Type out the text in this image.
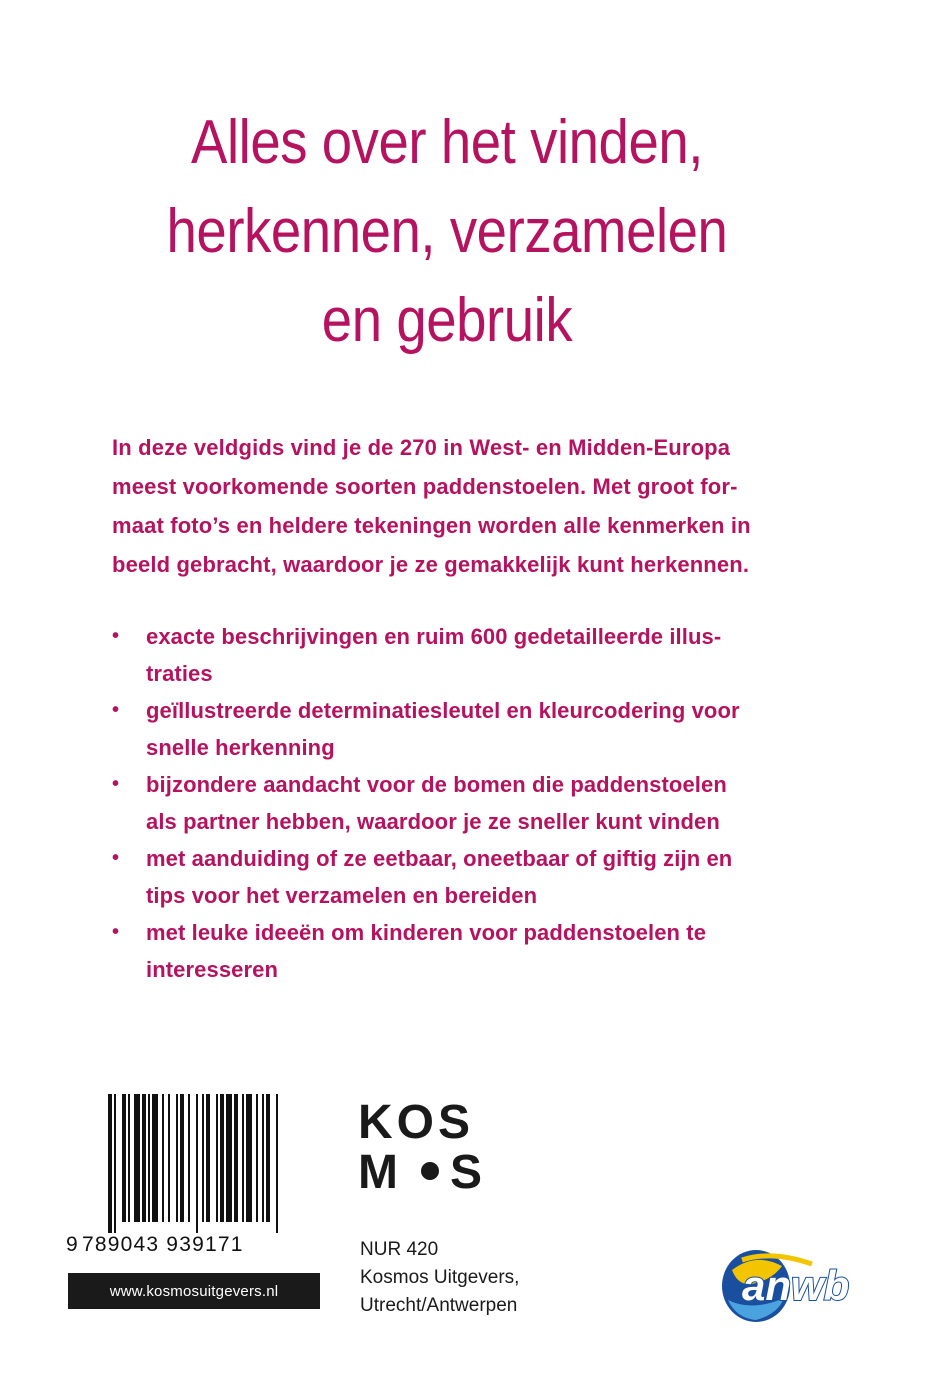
Alles over het vinden,
herkennen, verzamelen
en gebruik
In deze veldgids vind je de 270 in West- en Midden-Europa
meest voorkomende soorten paddenstoelen. Met groot for-
maat foto’s en heldere tekeningen worden alle kenmerken in
beeld gebracht, waardoor je ze gemakkelijk kunt herkennen.
• exacte beschrijvingen en ruim 600 gedetailleerde illus-
traties
• geïllustreerde determinatiesleutel en kleurcodering voor
snelle herkenning
• bijzondere aandacht voor de bomen die paddenstoelen
als partner hebben, waardoor je ze sneller kunt vinden
• met aanduiding of ze eetbaar, oneetbaar of giftig zijn en
tips voor het verzamelen en bereiden
• met leuke ideeën om kinderen voor paddenstoelen te
interesseren
9 789043 939171
www.kosmosuitgevers.nl
KOS
M S
NUR 420
Kosmos Uitgevers,
Utrecht/Antwerpen	anwb
